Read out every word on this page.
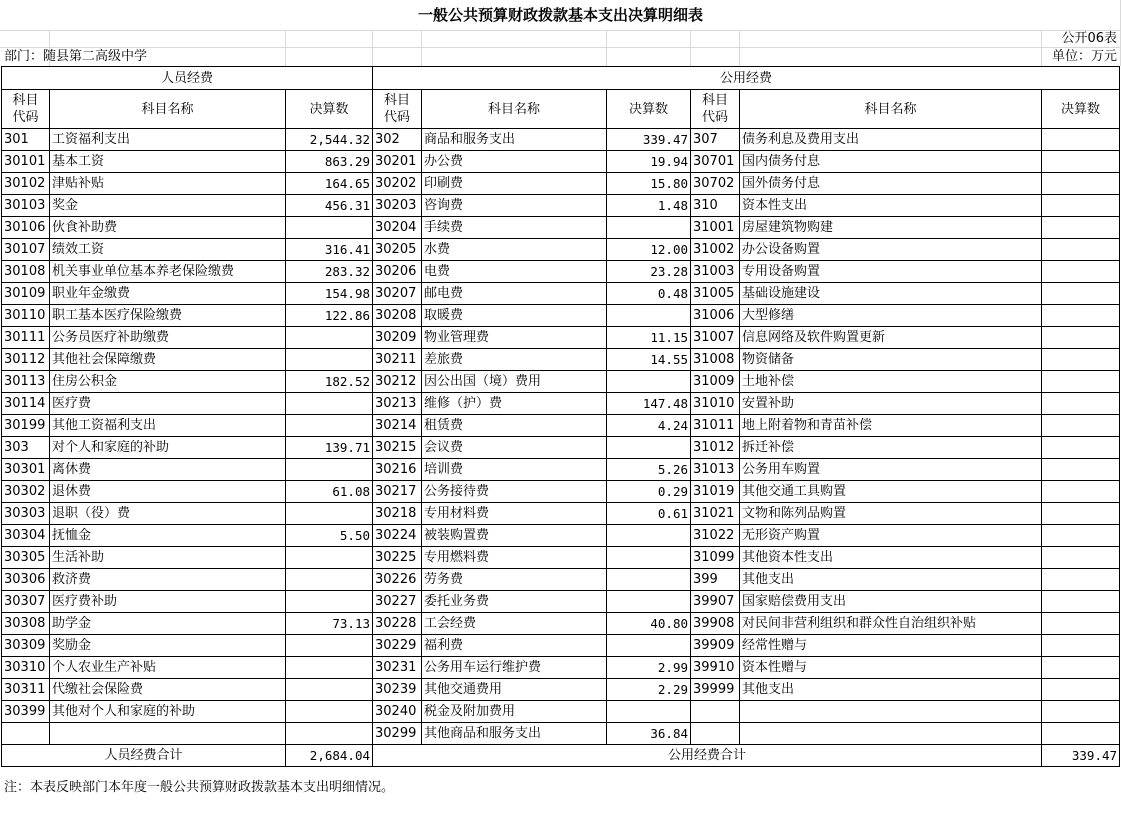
一般公共预算财政拨款基本支出决算明细表
公开06表
部门：随县第二高级中学	单位：万元
人员经费			公用经费					
科目
代码	科目名称	决算数	科目
代码	科目名称	决算数	科目
代码	科目名称	决算数
301	工资福利支出	2,544.32	302	商品和服务支出	339.47	307	债务利息及费用支出	
30101	基本工资	863.29	30201	办公费	19.94	30701	国内债务付息	
30102	津贴补贴	164.65	30202	印刷费	15.80	30702	国外债务付息	
30103	奖金	456.31	30203	咨询费	1.48	310	资本性支出	
30106	伙食补助费		30204	手续费		31001	房屋建筑物购建	
30107	绩效工资	316.41	30205	水费	12.00	31002	办公设备购置	
30108	机关事业单位基本养老保险缴费	283.32	30206	电费	23.28	31003	专用设备购置	
30109	职业年金缴费	154.98	30207	邮电费	0.48	31005	基础设施建设	
30110	职工基本医疗保险缴费	122.86	30208	取暖费		31006	大型修缮	
30111	公务员医疗补助缴费		30209	物业管理费	11.15	31007	信息网络及软件购置更新	
30112	其他社会保障缴费		30211	差旅费	14.55	31008	物资储备	
30113	住房公积金	182.52	30212	因公出国（境）费用		31009	土地补偿	
30114	医疗费		30213	维修（护）费	147.48	31010	安置补助	
30199	其他工资福利支出		30214	租赁费	4.24	31011	地上附着物和青苗补偿	
303	对个人和家庭的补助	139.71	30215	会议费		31012	拆迁补偿	
30301	离休费		30216	培训费	5.26	31013	公务用车购置	
30302	退休费	61.08	30217	公务接待费	0.29	31019	其他交通工具购置	
30303	退职（役）费		30218	专用材料费	0.61	31021	文物和陈列品购置	
30304	抚恤金	5.50	30224	被装购置费		31022	无形资产购置	
30305	生活补助		30225	专用燃料费		31099	其他资本性支出	
30306	救济费		30226	劳务费		399	其他支出	
30307	医疗费补助		30227	委托业务费		39907	国家赔偿费用支出	
30308	助学金	73.13	30228	工会经费	40.80	39908	对民间非营利组织和群众性自治组织补贴	
30309	奖励金		30229	福利费		39909	经常性赠与	
30310	个人农业生产补贴		30231	公务用车运行维护费	2.99	39910	资本性赠与	
30311	代缴社会保险费		30239	其他交通费用	2.29	39999	其他支出	
30399	其他对个人和家庭的补助		30240	税金及附加费用				
			30299	其他商品和服务支出	36.84			
人员经费合计		2,684.04	公用经费合计					339.47
注：本表反映部门本年度一般公共预算财政拨款基本支出明细情况。
